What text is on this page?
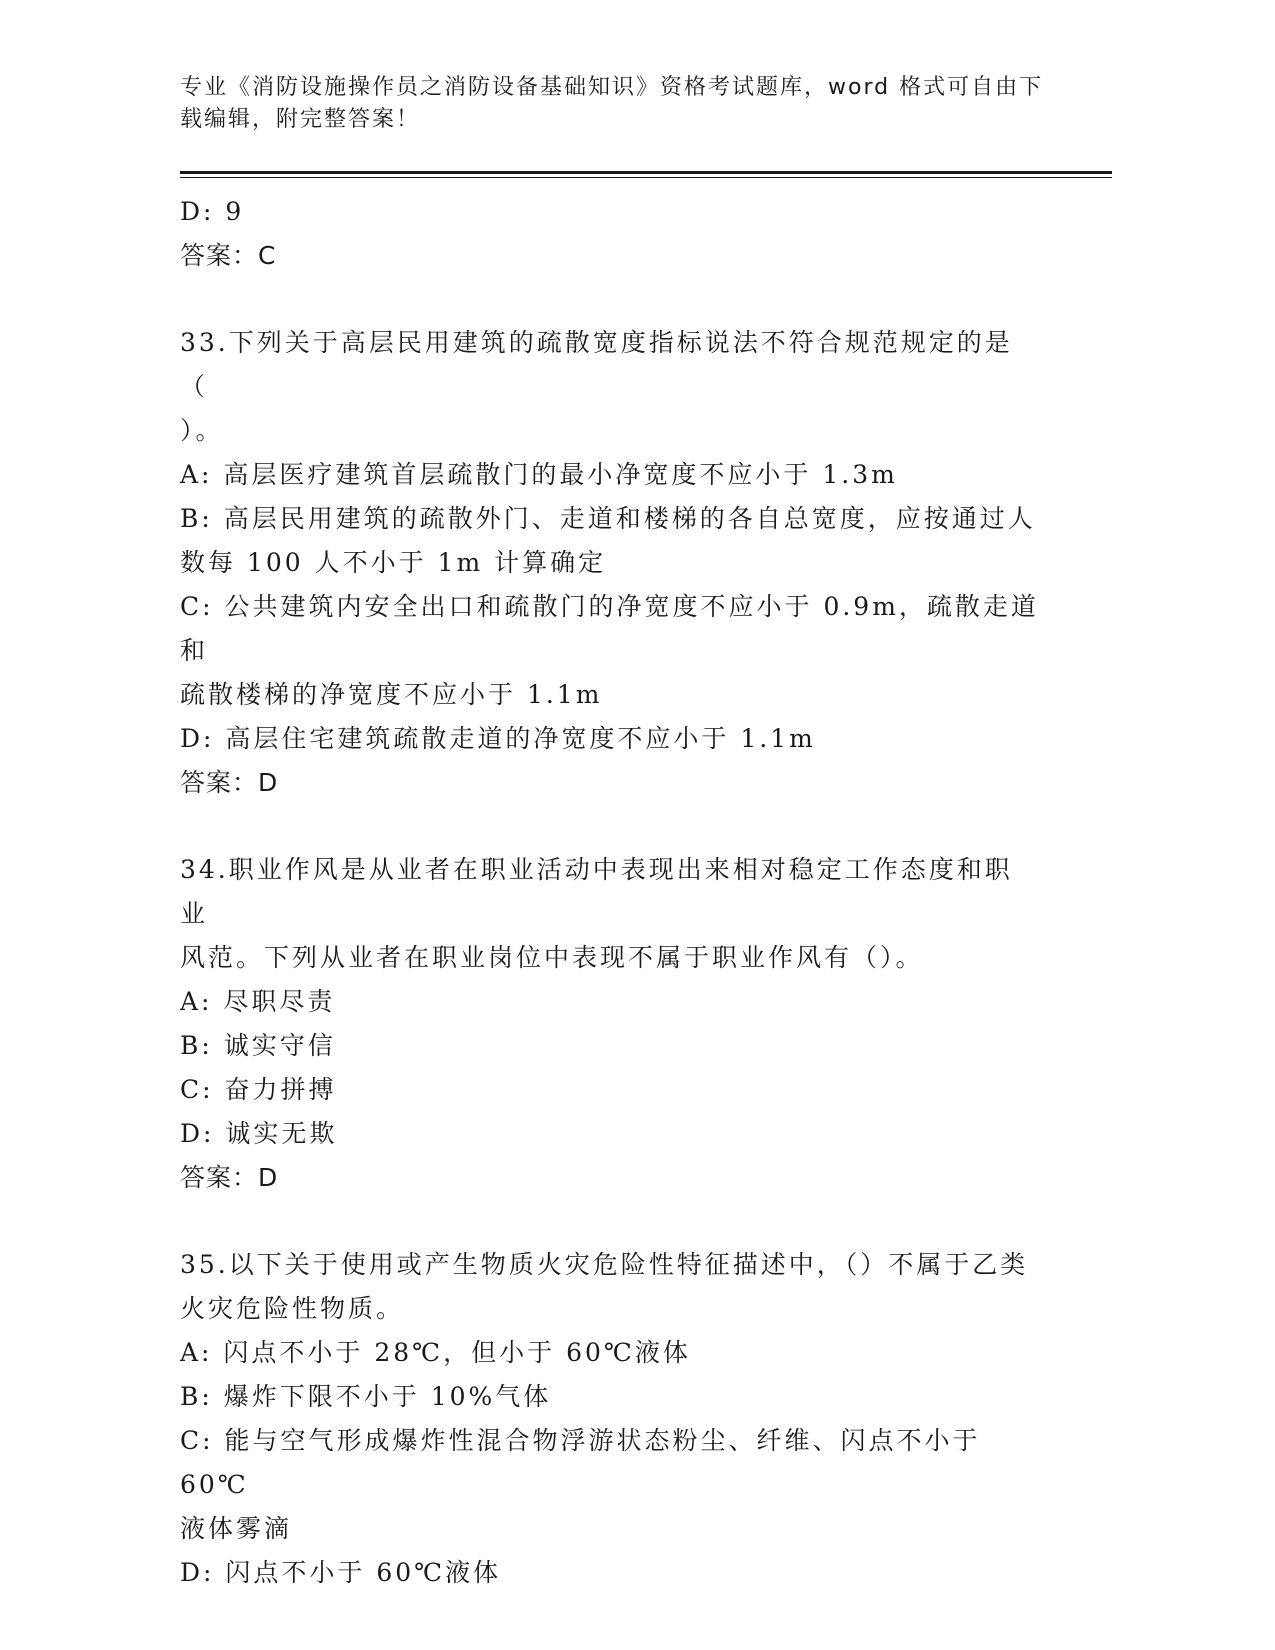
专业《消防设施操作员之消防设备基础知识》资格考试题库，word 格式可自由下
载编辑，附完整答案！

D: 9

答案：C

33.下列关于高层民用建筑的疏散宽度指标说法不符合规范规定的是（

）。

A: 高层医疗建筑首层疏散门的最小净宽度不应小于 1.3m

B: 高层民用建筑的疏散外门、走道和楼梯的各自总宽度，应按通过人

数每 100 人不小于 1m 计算确定

C: 公共建筑内安全出口和疏散门的净宽度不应小于 0.9m，疏散走道和

疏散楼梯的净宽度不应小于 1.1m

D: 高层住宅建筑疏散走道的净宽度不应小于 1.1m

答案：D

34.职业作风是从业者在职业活动中表现出来相对稳定工作态度和职业

风范。下列从业者在职业岗位中表现不属于职业作风有（）。

A: 尽职尽责

B: 诚实守信

C: 奋力拼搏

D: 诚实无欺

答案：D

35.以下关于使用或产生物质火灾危险性特征描述中，（）不属于乙类

火灾危险性物质。

A: 闪点不小于 28℃，但小于 60℃液体

B: 爆炸下限不小于 10%气体

C: 能与空气形成爆炸性混合物浮游状态粉尘、纤维、闪点不小于 60℃

液体雾滴

D: 闪点不小于 60℃液体
